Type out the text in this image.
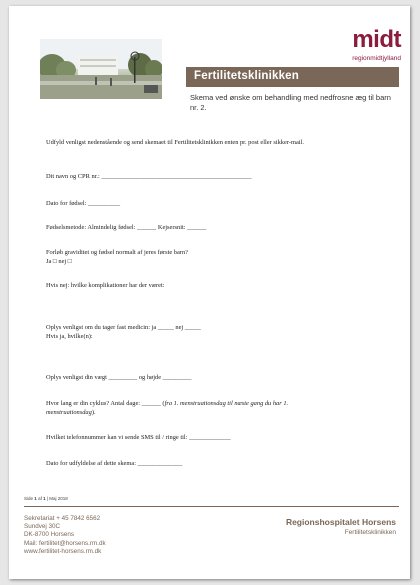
midt
regionmidtjylland
Fertilitetsklinikken
Skema ved ønske om behandling med nedfrosne æg til barn nr. 2.
Udfyld venligst nedenstående og send skemaet til Fertilitetsklinikken enten pr. post eller sikker-mail.
Dit navn og CPR nr.: _______________________________________________
Dato for fødsel: __________
Fødselsmetode: Almindelig fødsel: ______ Kejsersnit: ______
Forløb graviditet og fødsel normalt af jeres første barn?
Ja □ nej □
Hvis nej: hvilke komplikationer har der været:
Oplys venligst om du tager fast medicin: ja _____ nej _____
Hvis ja, hvilke(n):
Oplys venligst din vægt _________ og højde _________
Hvor lang er din cyklus? Antal dage: ______ (fra 1. menstruationsdag til næste gang du har 1.
menstruationsdag).
Hvilket telefonnummer kan vi sende SMS til / ringe til: _____________
Dato for udfyldelse af dette skema: ______________
Side 1 af 1 | Maj 2018
Sekretariat + 45 7842 6562
Sundvej 30C
DK-8700 Horsens
Mail: fertilitet@horsens.rm.dk
www.fertilitet-horsens.rm.dk
Regionshospitalet Horsens
Fertilitetsklinikken
